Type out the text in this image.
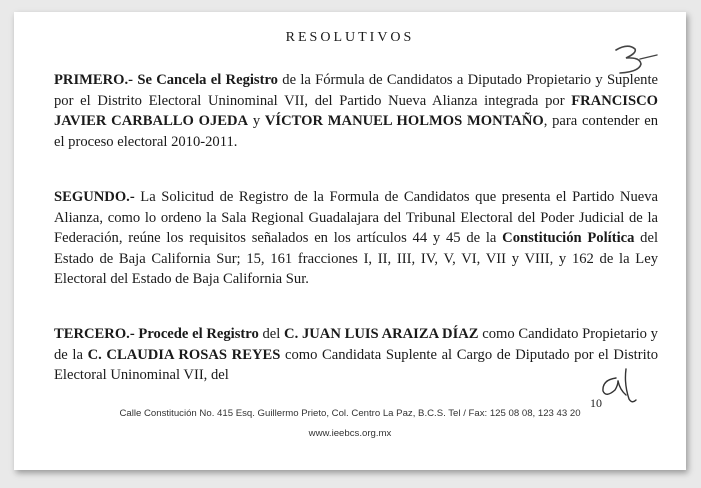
RESOLUTIVOS
PRIMERO.- Se Cancela el Registro de la Fórmula de Candidatos a Diputado Propietario y Suplente por el Distrito Electoral Uninominal VII, del Partido Nueva Alianza integrada por FRANCISCO JAVIER CARBALLO OJEDA y VÍCTOR MANUEL HOLMOS MONTAÑO, para contender en el proceso electoral 2010-2011.
SEGUNDO.- La Solicitud de Registro de la Formula de Candidatos que presenta el Partido Nueva Alianza, como lo ordeno la Sala Regional Guadalajara del Tribunal Electoral del Poder Judicial de la Federación, reúne los requisitos señalados en los artículos 44 y 45 de la Constitución Política del Estado de Baja California Sur; 15, 161 fracciones I, II, III, IV, V, VI, VII y VIII, y 162 de la Ley Electoral del Estado de Baja California Sur.
TERCERO.- Procede el Registro del C. JUAN LUIS ARAIZA DÍAZ como Candidato Propietario y de la C. CLAUDIA ROSAS REYES como Candidata Suplente al Cargo de Diputado por el Distrito Electoral Uninominal VII, del
10
Calle Constitución No. 415 Esq. Guillermo Prieto, Col. Centro La Paz, B.C.S. Tel / Fax: 125 08 08, 123 43 20
www.ieebcs.org.mx
